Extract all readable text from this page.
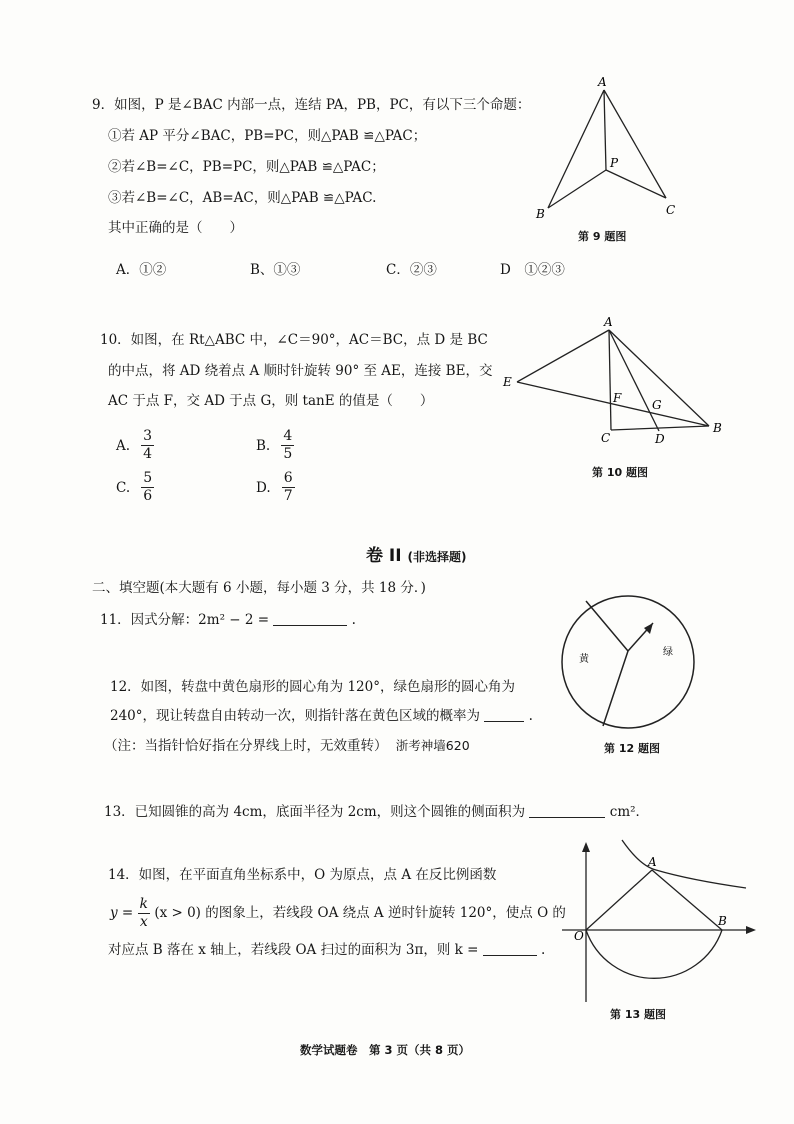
9．如图，P 是∠BAC 内部一点，连结 PA，PB，PC，有以下三个命题：
①若 AP 平分∠BAC，PB=PC，则△PAB ≌△PAC；
②若∠B=∠C，PB=PC，则△PAB ≌△PAC；
③若∠B=∠C，AB=AC，则△PAB ≌△PAC.
其中正确的是（　　）
A．①②	B、①③	C．②③	D　①②③
A
B	C
P
第 9 题图
10．如图，在 Rt△ABC 中，∠C＝90°，AC＝BC，点 D 是 BC
的中点，将 AD 绕着点 A 顺时针旋转 90° 至 AE，连接 BE，交
AC 于点 F，交 AD 于点 G，则 tanE 的值是（　　）
A. $\frac{3}{4}$	B. $\frac{4}{5}$
C. $\frac{5}{6}$	D. $\frac{6}{7}$
A
E
F	G
C	D
B
第 10 题图
卷 II (非选择题)
二、填空题(本大题有 6 小题，每小题 3 分，共 18 分．)
11．因式分解：2m² − 2 =	.
12．如图，转盘中黄色扇形的圆心角为 120°，绿色扇形的圆心角为
240°，现让转盘自由转动一次，则指针落在黄色区域的概率为	.
（注：当指针恰好指在分界线上时，无效重转） 浙考神墙620
黄
绿
第 12 题图
13．已知圆锥的高为 4cm，底面半径为 2cm，则这个圆锥的侧面积为	cm²．
14．如图，在平面直角坐标系中，O 为原点，点 A 在反比例函数
$y = \frac{k}{x} (x > 0)$ 的图象上，若线段 OA 绕点 A 逆时针旋转 120°，使点 O 的
对应点 B 落在 x 轴上，若线段 OA 扫过的面积为 3π，则 k =	.
O
A
B
第 13 题图
数学试题卷　第 3 页（共 8 页）
